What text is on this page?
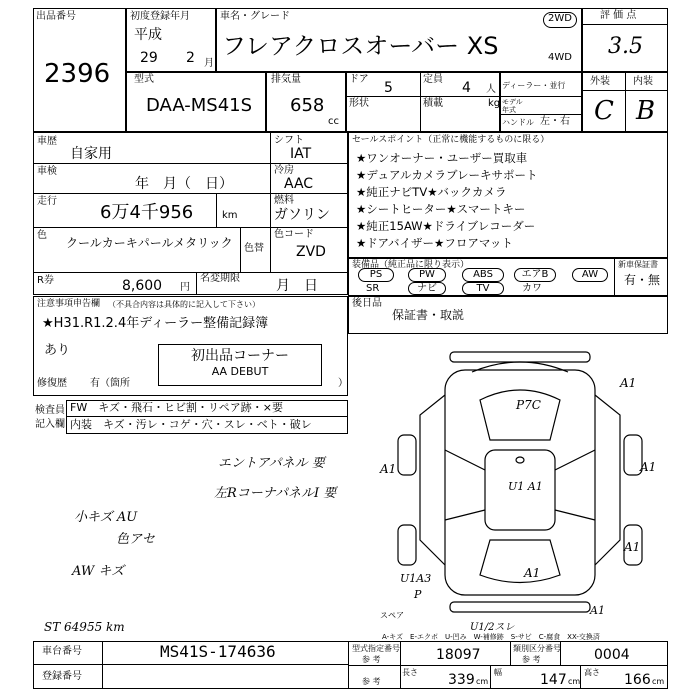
出品番号
2396
初度登録年月
平成
29 2 月
車名・グレード
フレアクロスオーバー XS
2WD
4WD
評 価 点
3.5
型式
DAA-MS41S
排気量
658
cc
ドア
5
定員
4 人
形状	積載	kg
ディーラー・並行
モデル年式
ハンドル 左・右
外装 内装
C B
車歴
自家用
シフト
IAT
車検
年　月（　日）
冷房
AAC
走行
6万4千956	km
燃料
ガソリン
色
クールカーキパールメタリック	色替
色コード
ZVD
R券	8,600 円
名変期限	月　日
セールスポイント（正常に機能するものに限る）
★ワンオーナー・ユーザー買取車
★デュアルカメラブレーキサポート
★純正ナビTV★バックカメラ
★シートヒーター★スマートキー
★純正15AW★ドライブレコーダー
★ドアバイザー★フロアマット
装備品（純正品に限り表示）
PS	PW	ABS	エアB	AW
SR	ナビ	TV	カワ
新車保証書
有・無
注意事項申告欄 （不具合内容は具体的に記入して下さい）
★H31.R1.2.4年ディーラー整備記録簿
あり	初出品コーナー
AA DEBUT
修復歴 有（箇所	）
後日品
保証書・取説
検査員
記入欄
FW　キズ・飛石・ヒビ割・リペア跡・×要
内装　キズ・汚レ・コゲ・穴・スレ・ベト・破レ
エントアパネル 要
左RコーナパネルI 要
小キズ AU
色アセ
AW キズ
ST 64955 km
A1
P7C
A1	A1
A1
U1 A1
U1A3
P
スペア
A1
U1/2スレ
A1
A-キズ　E-エクボ　U-凹み　W-補修跡　S-サビ　C-腐食　XX-交換済
車台番号	MS41S-174636
登録番号
型式指定番号
参 考	18097	類別区分番号
参 考	0004
参 考
長さ 339 cm
幅	147 cm
高さ 166 cm
